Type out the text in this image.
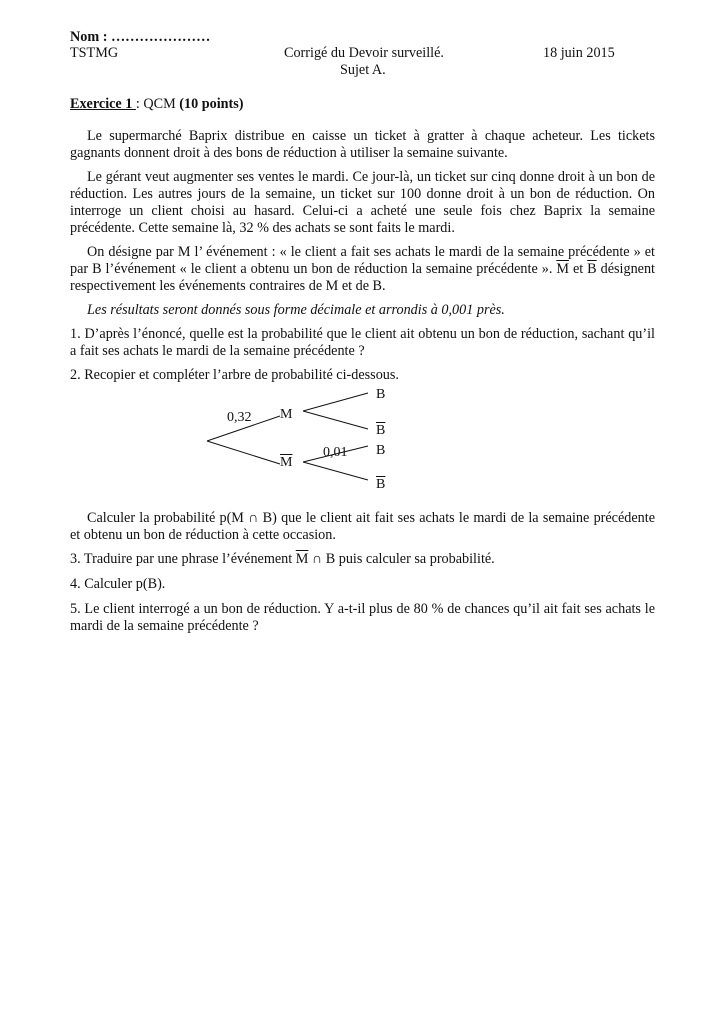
Nom : …………………
TSTMG	Corrigé du Devoir surveillé.	18 juin 2015
Sujet A.
Exercice 1 : QCM (10 points)
Le supermarché Baprix distribue en caisse un ticket à gratter à chaque acheteur. Les tickets gagnants donnent droit à des bons de réduction à utiliser la semaine suivante.
Le gérant veut augmenter ses ventes le mardi. Ce jour-là, un ticket sur cinq donne droit à un bon de réduction. Les autres jours de la semaine, un ticket sur 100 donne droit à un bon de réduction. On interroge un client choisi au hasard. Celui-ci a acheté une seule fois chez Baprix la semaine précédente. Cette semaine là, 32 % des achats se sont faits le mardi.
On désigne par M l’ événement : « le client a fait ses achats le mardi de la semaine précédente » et par B l’événement « le client a obtenu un bon de réduction la semaine précédente ». $\overline{M}$ et $\overline{B}$ désignent respectivement les événements contraires de M et de B.
Les résultats seront donnés sous forme décimale et arrondis à 0,001 près.
1. D’après l’énoncé, quelle est la probabilité que le client ait obtenu un bon de réduction, sachant qu’il a fait ses achats le mardi de la semaine précédente ?
2. Recopier et compléter l’arbre de probabilité ci-dessous.
0,32 M
$\overline{M}$
0,01
B
$\overline{B}$
B
$\overline{B}$
Calculer la probabilité p(M ∩ B) que le client ait fait ses achats le mardi de la semaine précédente et obtenu un bon de réduction à cette occasion.
3. Traduire par une phrase l’événement $\overline{M}$ ∩ B puis calculer sa probabilité.
4. Calculer p(B).
5. Le client interrogé a un bon de réduction. Y a-t-il plus de 80 % de chances qu’il ait fait ses achats le mardi de la semaine précédente ?
